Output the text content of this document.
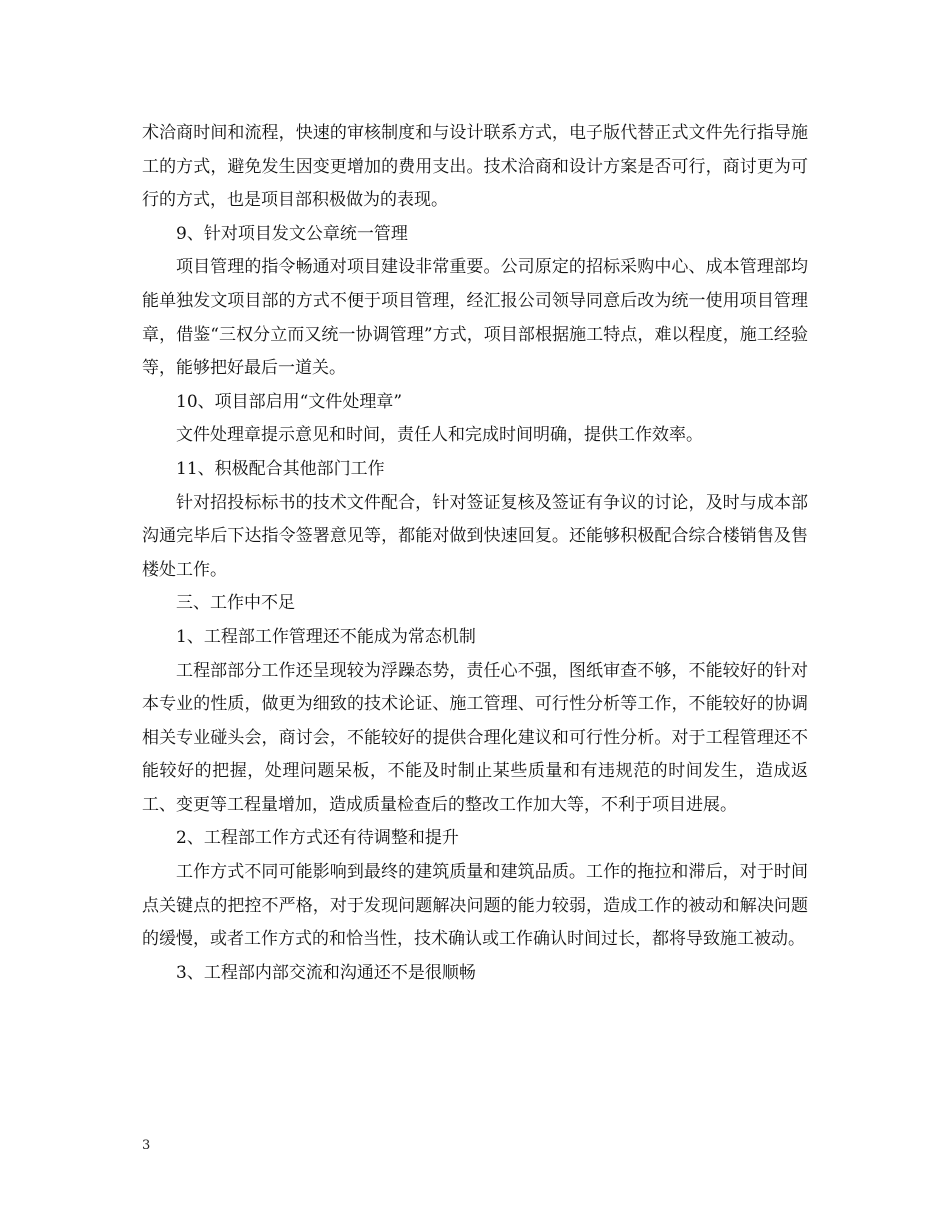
术洽商时间和流程，快速的审核制度和与设计联系方式，电子版代替正式文件先行指导施工的方式，避免发生因变更增加的费用支出。技术洽商和设计方案是否可行，商讨更为可行的方式，也是项目部积极做为的表现。

9、针对项目发文公章统一管理

项目管理的指令畅通对项目建设非常重要。公司原定的招标采购中心、成本管理部均能单独发文项目部的方式不便于项目管理，经汇报公司领导同意后改为统一使用项目管理章，借鉴“三权分立而又统一协调管理”方式，项目部根据施工特点，难以程度，施工经验等，能够把好最后一道关。

10、项目部启用“文件处理章”

文件处理章提示意见和时间，责任人和完成时间明确，提供工作效率。

11、积极配合其他部门工作

针对招投标标书的技术文件配合，针对签证复核及签证有争议的讨论，及时与成本部沟通完毕后下达指令签署意见等，都能对做到快速回复。还能够积极配合综合楼销售及售楼处工作。

三、工作中不足

1、工程部工作管理还不能成为常态机制

工程部部分工作还呈现较为浮躁态势，责任心不强，图纸审查不够，不能较好的针对本专业的性质，做更为细致的技术论证、施工管理、可行性分析等工作，不能较好的协调相关专业碰头会，商讨会，不能较好的提供合理化建议和可行性分析。对于工程管理还不能较好的把握，处理问题呆板，不能及时制止某些质量和有违规范的时间发生，造成返工、变更等工程量增加，造成质量检查后的整改工作加大等，不利于项目进展。

2、工程部工作方式还有待调整和提升

工作方式不同可能影响到最终的建筑质量和建筑品质。工作的拖拉和滞后，对于时间点关键点的把控不严格，对于发现问题解决问题的能力较弱，造成工作的被动和解决问题的缓慢，或者工作方式的和恰当性，技术确认或工作确认时间过长，都将导致施工被动。

3、工程部内部交流和沟通还不是很顺畅

3
